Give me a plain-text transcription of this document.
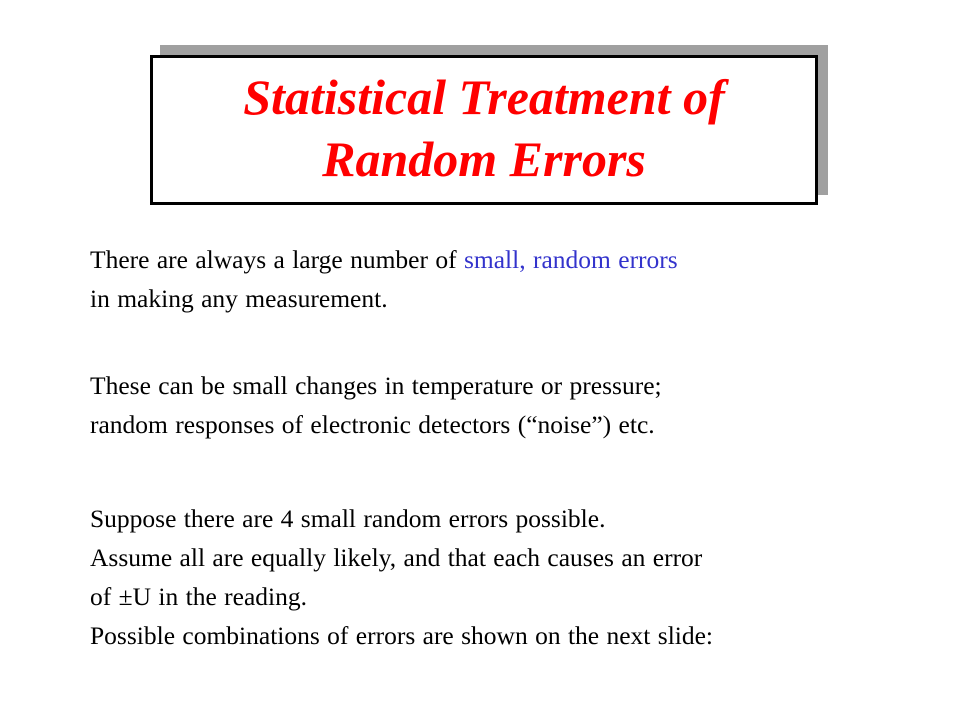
Statistical Treatment of
Random Errors
There are always a large number of small, random errors
in making any measurement.
These can be small changes in temperature or pressure;
random responses of electronic detectors (“noise”) etc.
Suppose there are 4 small random errors possible.
Assume all are equally likely, and that each causes an error
of ±U in the reading.
Possible combinations of errors are shown on the next slide:
